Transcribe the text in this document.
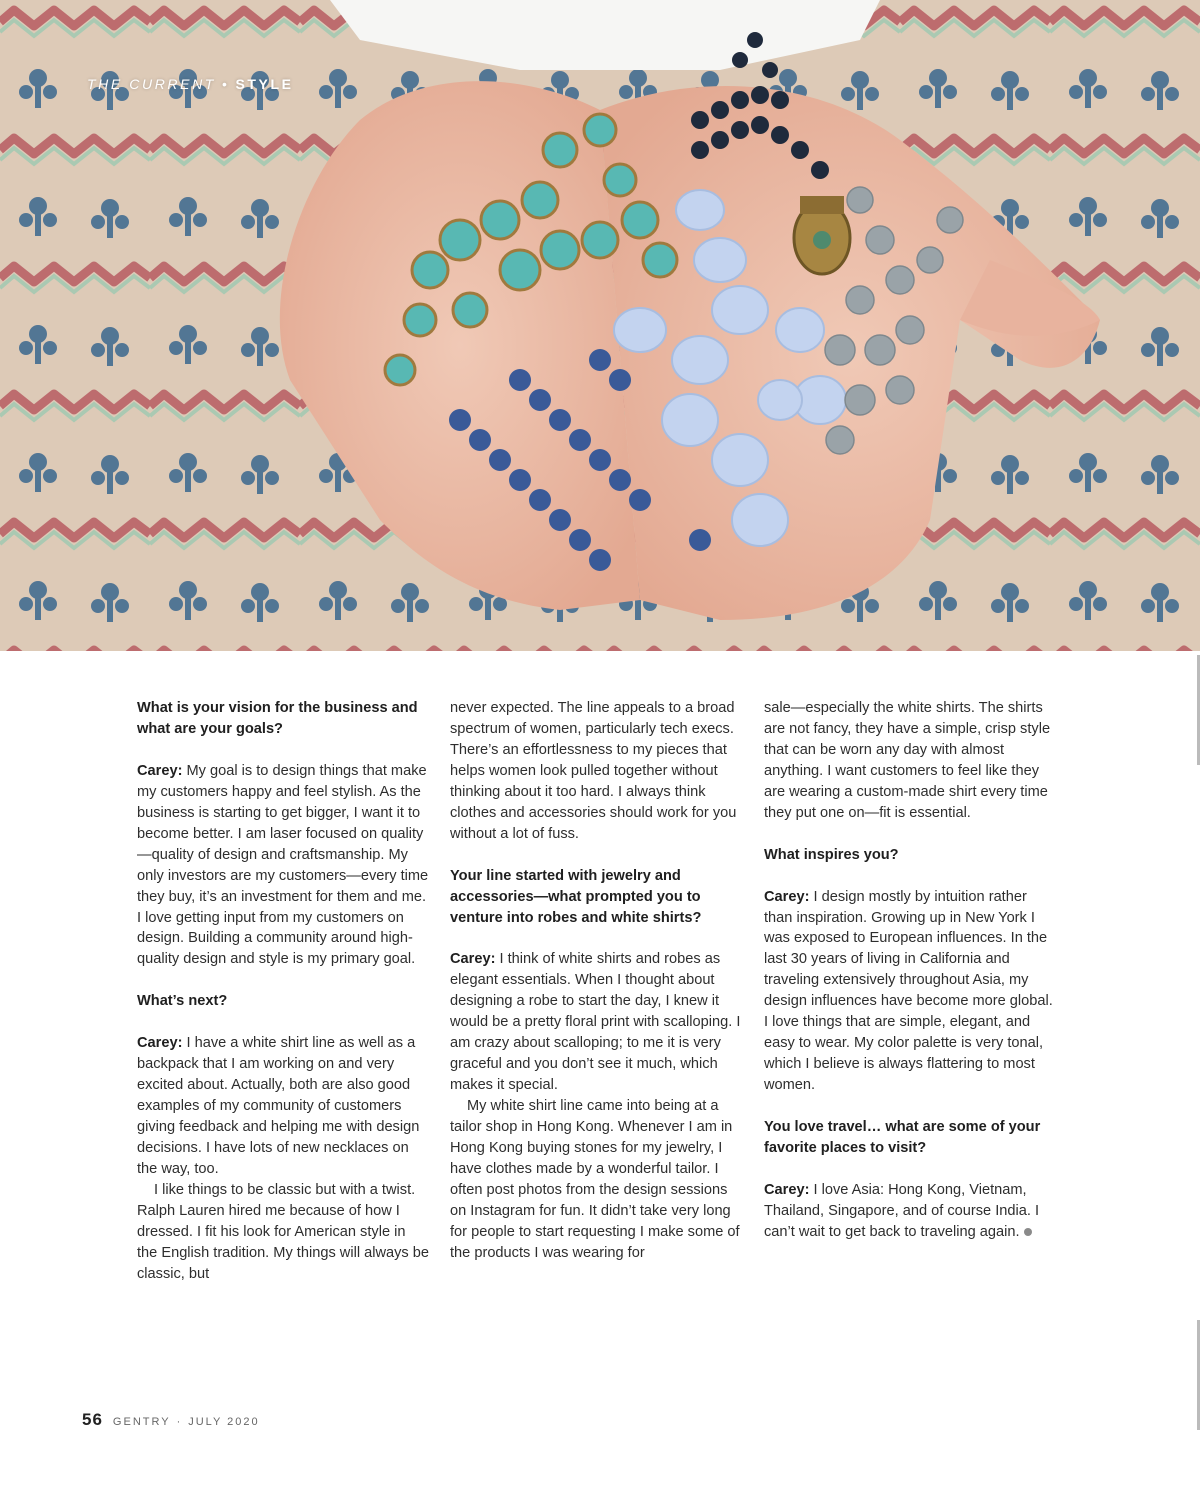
THE CURRENT • STYLE

What is your vision for the business and what are your goals?

Carey: My goal is to design things that make my customers happy and feel stylish. As the business is starting to get bigger, I want it to become better. I am laser focused on quality—quality of design and craftsmanship. My only investors are my customers—every time they buy, it’s an investment for them and me. I love getting input from my customers on design. Building a community around high-quality design and style is my primary goal.

What’s next?

Carey: I have a white shirt line as well as a backpack that I am working on and very excited about. Actually, both are also good examples of my community of customers giving feedback and helping me with design decisions. I have lots of new necklaces on the way, too.

I like things to be classic but with a twist. Ralph Lauren hired me because of how I dressed. I fit his look for American style in the English tradition. My things will always be classic, but

never expected. The line appeals to a broad spectrum of women, particularly tech execs. There’s an effortlessness to my pieces that helps women look pulled together without thinking about it too hard. I always think clothes and accessories should work for you without a lot of fuss.

Your line started with jewelry and accessories—what prompted you to venture into robes and white shirts?

Carey: I think of white shirts and robes as elegant essentials. When I thought about designing a robe to start the day, I knew it would be a pretty floral print with scalloping. I am crazy about scalloping; to me it is very graceful and you don’t see it much, which makes it special.

My white shirt line came into being at a tailor shop in Hong Kong. Whenever I am in Hong Kong buying stones for my jewelry, I have clothes made by a wonderful tailor. I often post photos from the design sessions on Instagram for fun. It didn’t take very long for people to start requesting I make some of the products I was wearing for

sale—especially the white shirts. The shirts are not fancy, they have a simple, crisp style that can be worn any day with almost anything. I want customers to feel like they are wearing a custom-made shirt every time they put one on—fit is essential.

What inspires you?

Carey: I design mostly by intuition rather than inspiration. Growing up in New York I was exposed to European influences. In the last 30 years of living in California and traveling extensively throughout Asia, my design influences have become more global. I love things that are simple, elegant, and easy to wear. My color palette is very tonal, which I believe is always flattering to most women.

You love travel… what are some of your favorite places to visit?

Carey: I love Asia: Hong Kong, Vietnam, Thailand, Singapore, and of course India. I can’t wait to get back to traveling again.

56 GENTRY · JULY 2020
